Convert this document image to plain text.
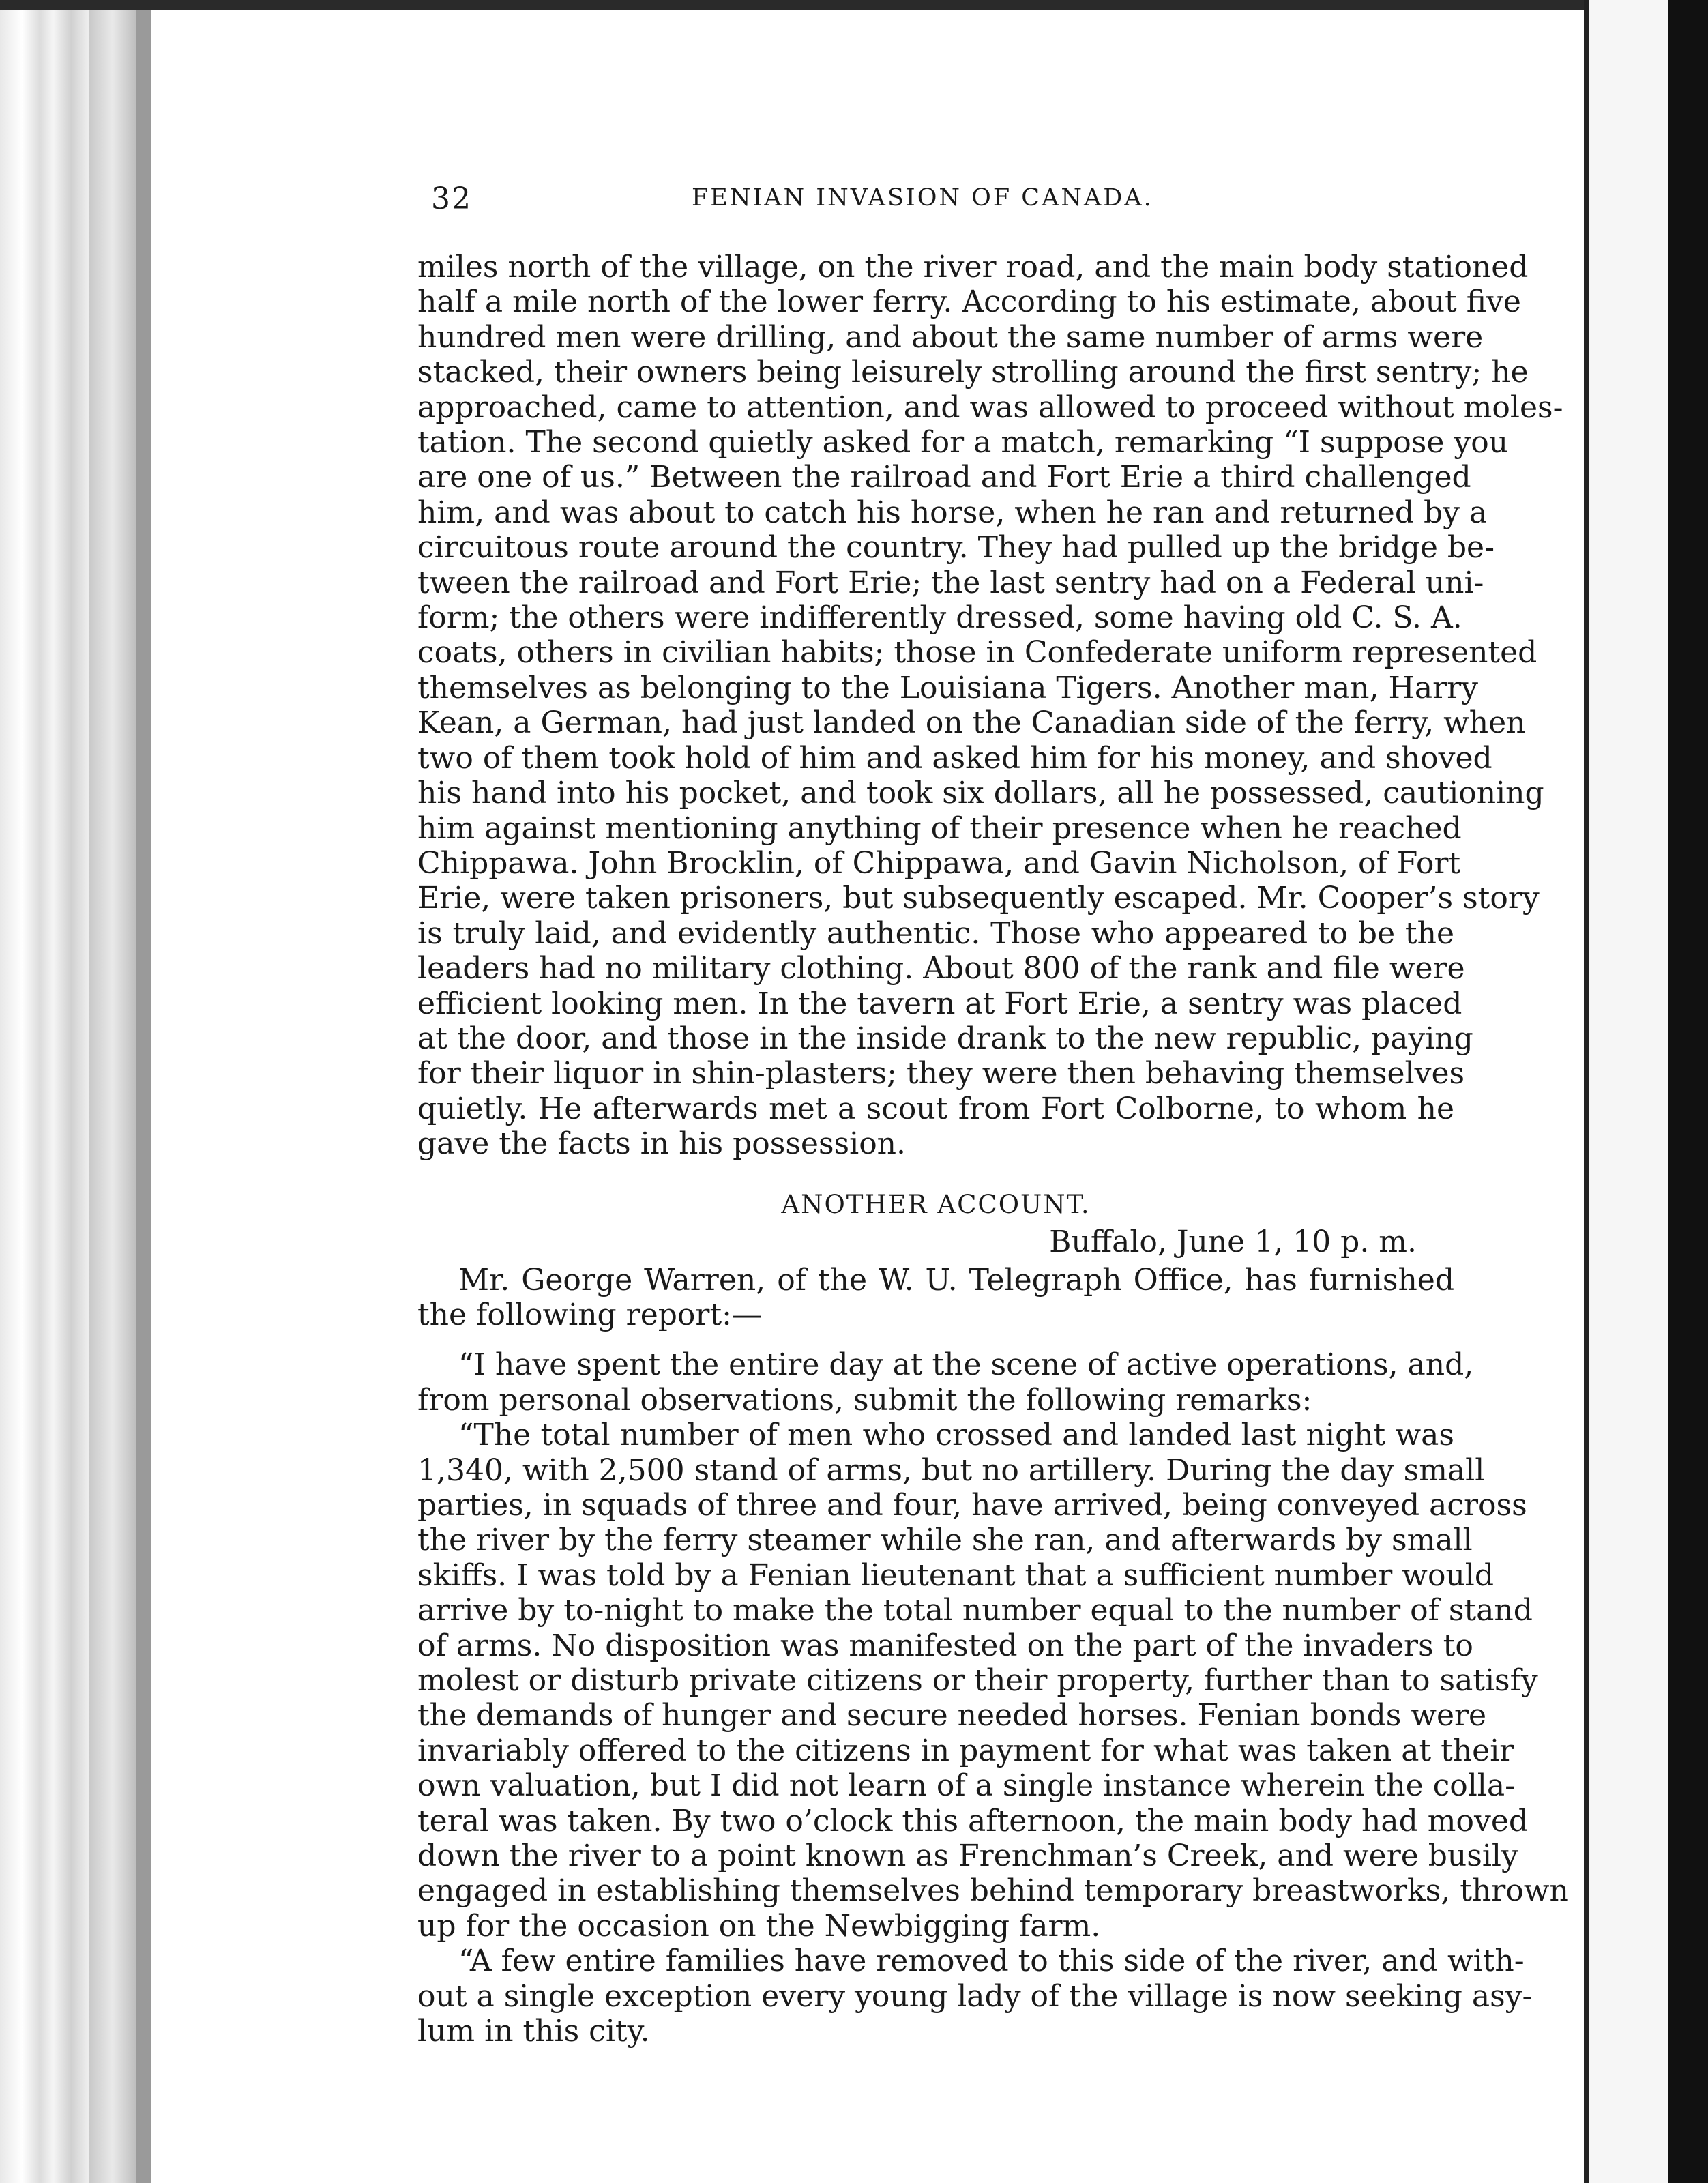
32	FENIAN INVASION OF CANADA.
miles north of the village, on the river road, and the main body stationed
half a mile north of the lower ferry. According to his estimate, about five
hundred men were drilling, and about the same number of arms were
stacked, their owners being leisurely strolling around the first sentry; he
approached, came to attention, and was allowed to proceed without moles-
tation. The second quietly asked for a match, remarking “I suppose you
are one of us.” Between the railroad and Fort Erie a third challenged
him, and was about to catch his horse, when he ran and returned by a
circuitous route around the country. They had pulled up the bridge be-
tween the railroad and Fort Erie; the last sentry had on a Federal uni-
form; the others were indifferently dressed, some having old C. S. A.
coats, others in civilian habits; those in Confederate uniform represented
themselves as belonging to the Louisiana Tigers. Another man, Harry
Kean, a German, had just landed on the Canadian side of the ferry, when
two of them took hold of him and asked him for his money, and shoved
his hand into his pocket, and took six dollars, all he possessed, cautioning
him against mentioning anything of their presence when he reached
Chippawa. John Brocklin, of Chippawa, and Gavin Nicholson, of Fort
Erie, were taken prisoners, but subsequently escaped. Mr. Cooper’s story
is truly laid, and evidently authentic. Those who appeared to be the
leaders had no military clothing. About 800 of the rank and file were
efficient looking men. In the tavern at Fort Erie, a sentry was placed
at the door, and those in the inside drank to the new republic, paying
for their liquor in shin-plasters; they were then behaving themselves
quietly. He afterwards met a scout from Fort Colborne, to whom he
gave the facts in his possession.
ANOTHER ACCOUNT.
Buffalo, June 1, 10 p. m.
Mr. George Warren, of the W. U. Telegraph Office, has furnished
the following report:—
“I have spent the entire day at the scene of active operations, and,
from personal observations, submit the following remarks:
“The total number of men who crossed and landed last night was
1,340, with 2,500 stand of arms, but no artillery. During the day small
parties, in squads of three and four, have arrived, being conveyed across
the river by the ferry steamer while she ran, and afterwards by small
skiffs. I was told by a Fenian lieutenant that a sufficient number would
arrive by to-night to make the total number equal to the number of stand
of arms. No disposition was manifested on the part of the invaders to
molest or disturb private citizens or their property, further than to satisfy
the demands of hunger and secure needed horses. Fenian bonds were
invariably offered to the citizens in payment for what was taken at their
own valuation, but I did not learn of a single instance wherein the colla-
teral was taken. By two o’clock this afternoon, the main body had moved
down the river to a point known as Frenchman’s Creek, and were busily
engaged in establishing themselves behind temporary breastworks, thrown
up for the occasion on the Newbigging farm.
“A few entire families have removed to this side of the river, and with-
out a single exception every young lady of the village is now seeking asy-
lum in this city.
